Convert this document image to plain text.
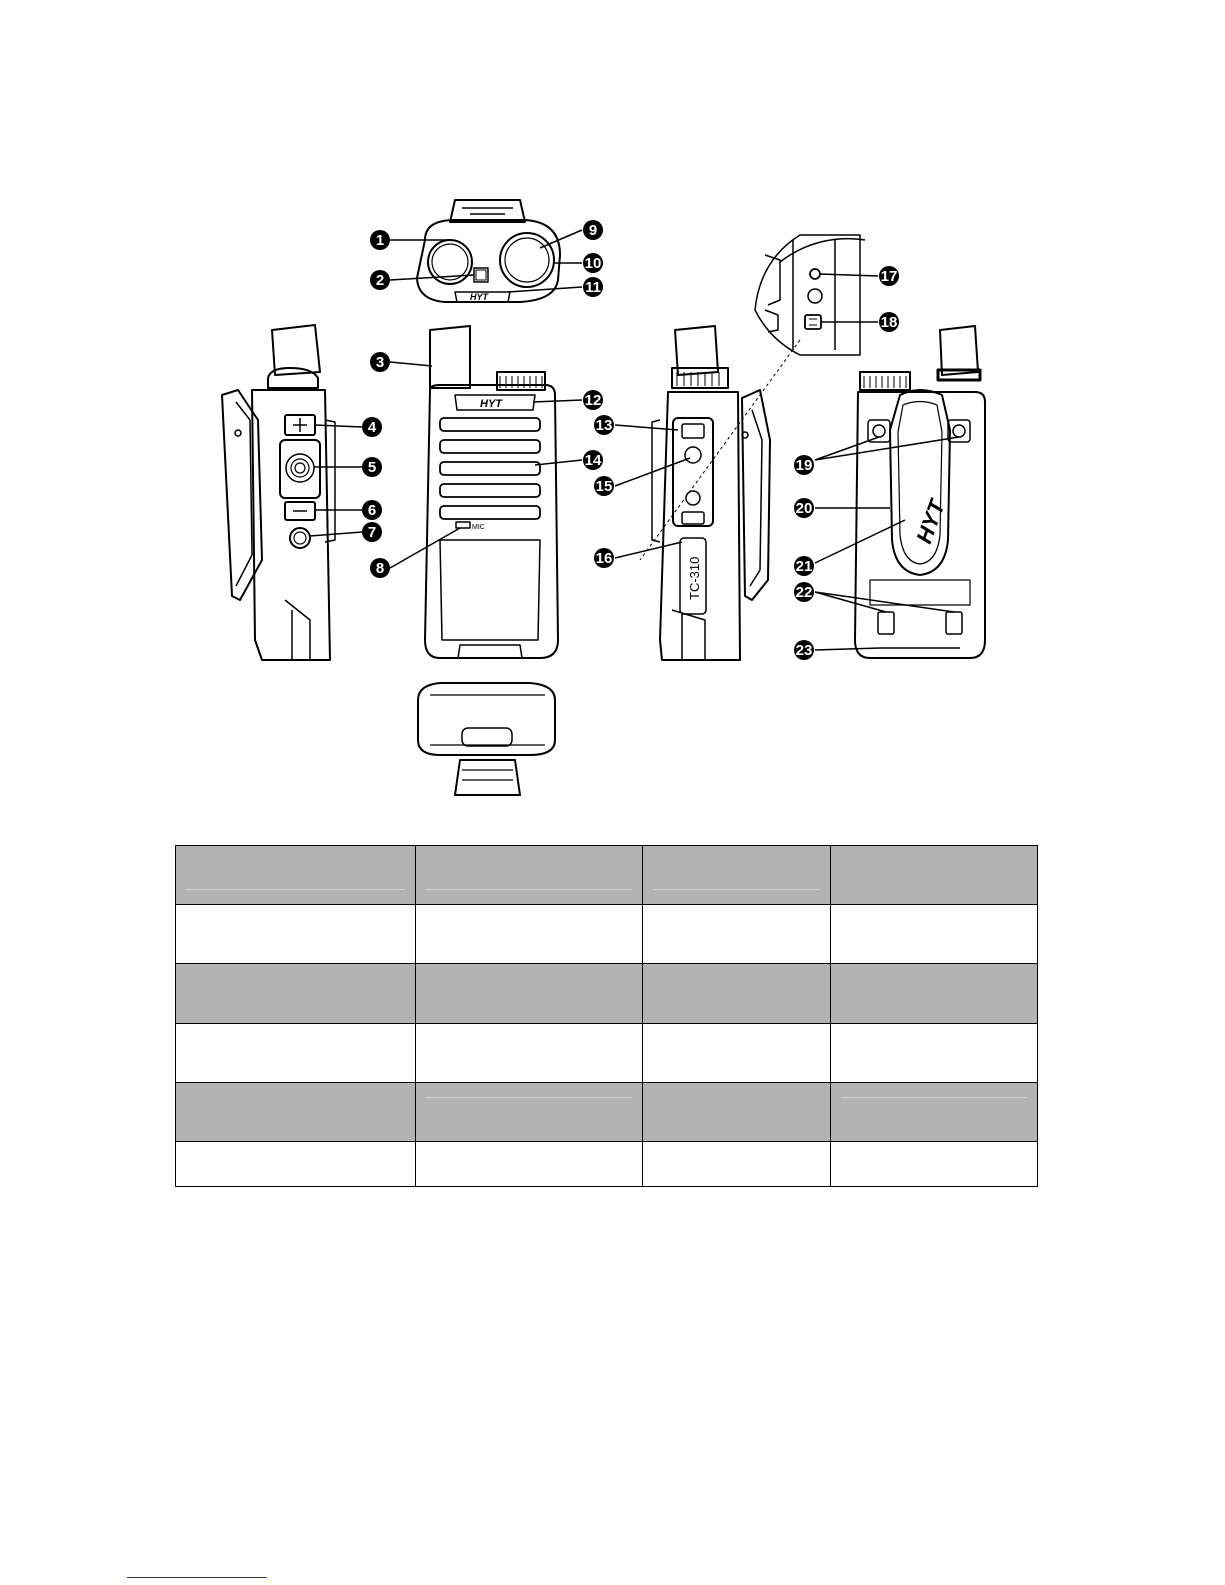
HYT
HYT
MIC
TC-310
HYT
1
2
3
4
5
6
7
8
9
10
11
12
13
14
15
16
17
18
19
20
21
22
23
